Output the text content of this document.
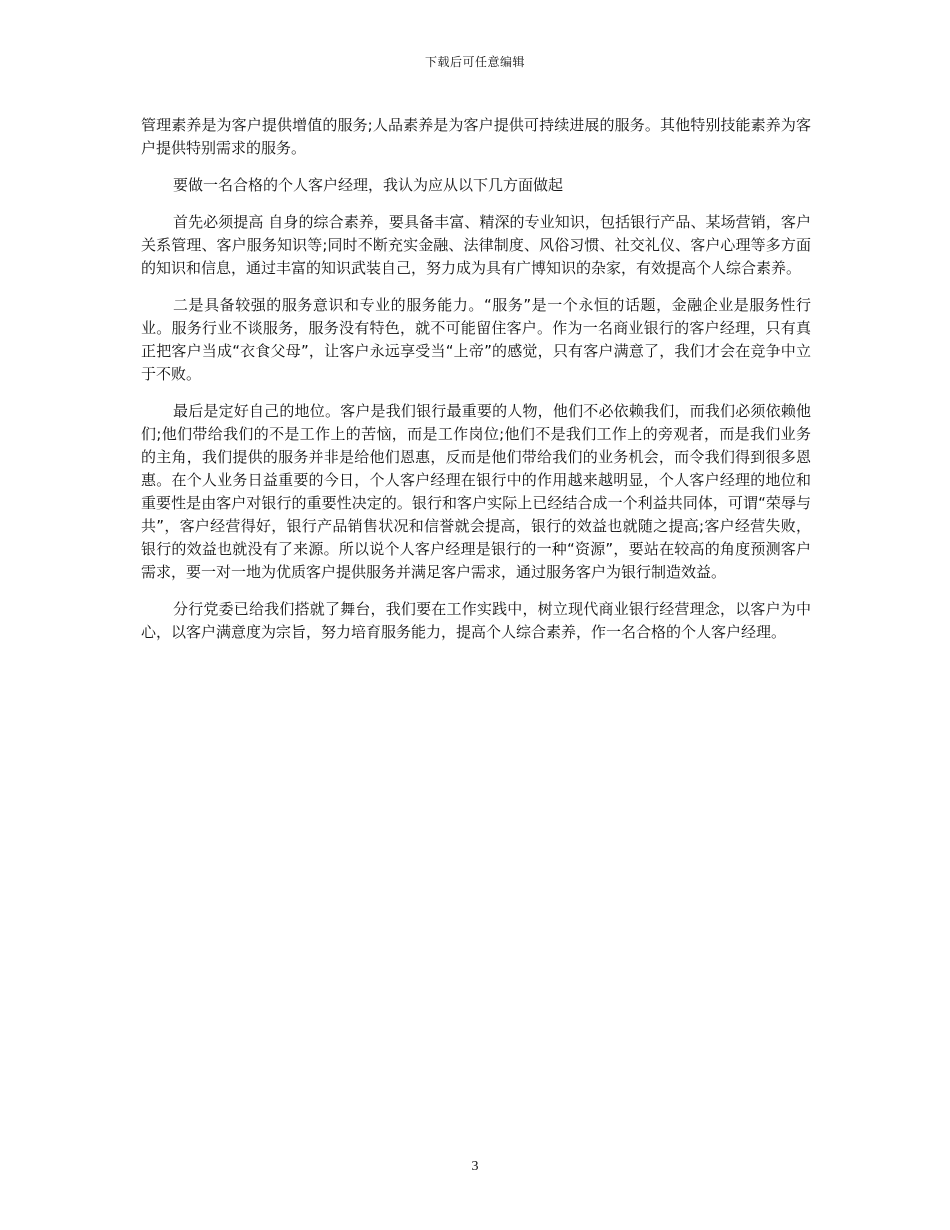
下载后可任意编辑

管理素养是为客户提供增值的服务;人品素养是为客户提供可持续进展的服务。其他特别技能素养为客户提供特别需求的服务。

要做一名合格的个人客户经理，我认为应从以下几方面做起

首先必须提高 自身的综合素养，要具备丰富、精深的专业知识，包括银行产品、某场营销，客户关系管理、客户服务知识等;同时不断充实金融、法律制度、风俗习惯、社交礼仪、客户心理等多方面的知识和信息，通过丰富的知识武装自己，努力成为具有广博知识的杂家，有效提高个人综合素养。

二是具备较强的服务意识和专业的服务能力。“服务”是一个永恒的话题，金融企业是服务性行业。服务行业不谈服务，服务没有特色，就不可能留住客户。作为一名商业银行的客户经理，只有真正把客户当成“衣食父母”，让客户永远享受当“上帝”的感觉，只有客户满意了，我们才会在竞争中立于不败。

最后是定好自己的地位。客户是我们银行最重要的人物，他们不必依赖我们，而我们必须依赖他们;他们带给我们的不是工作上的苦恼，而是工作岗位;他们不是我们工作上的旁观者，而是我们业务的主角，我们提供的服务并非是给他们恩惠，反而是他们带给我们的业务机会，而令我们得到很多恩惠。在个人业务日益重要的今日，个人客户经理在银行中的作用越来越明显，个人客户经理的地位和重要性是由客户对银行的重要性决定的。银行和客户实际上已经结合成一个利益共同体，可谓“荣辱与共”，客户经营得好，银行产品销售状况和信誉就会提高，银行的效益也就随之提高;客户经营失败，银行的效益也就没有了来源。所以说个人客户经理是银行的一种“资源”，要站在较高的角度预测客户需求，要一对一地为优质客户提供服务并满足客户需求，通过服务客户为银行制造效益。

分行党委已给我们搭就了舞台，我们要在工作实践中，树立现代商业银行经营理念，以客户为中心，以客户满意度为宗旨，努力培育服务能力，提高个人综合素养，作一名合格的个人客户经理。

3
